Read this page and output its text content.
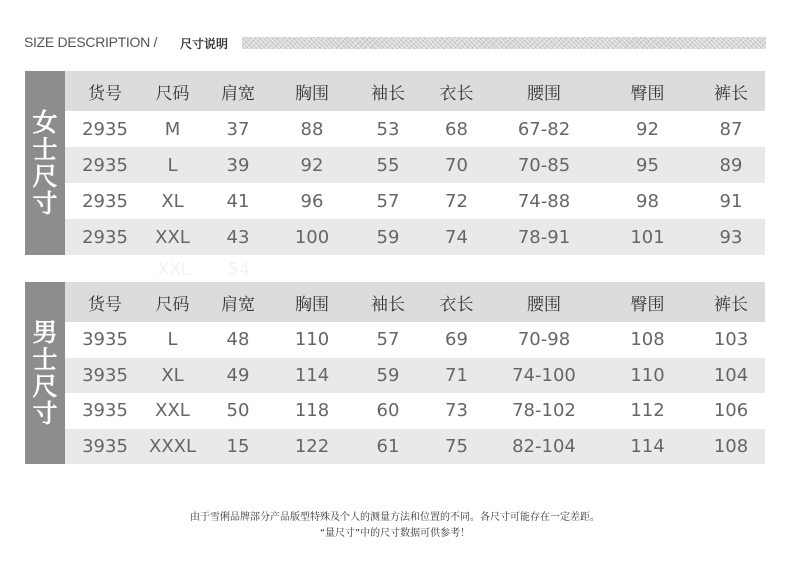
SIZE DESCRIPTION / 尺寸说明
女
士
尺
寸
货号	尺码	肩宽	胸围	袖长	衣长	腰围	臀围	裤长
2935	M	37	88	53	68	67-82	92	87
2935	L	39	92	55	70	70-85	95	89
2935	XL	41	96	57	72	74-88	98	91
2935	XXL	43	100	59	74	78-91	101	93
XXL	54
男
士
尺
寸
货号	尺码	肩宽	胸围	袖长	衣长	腰围	臀围	裤长
3935	L	48	110	57	69	70-98	108	103
3935	XL	49	114	59	71	74-100	110	104
3935	XXL	50	118	60	73	78-102	112	106
3935	XXXL	15	122	61	75	82-104	114	108
由于雪俐品牌部分产品版型特殊及个人的测量方法和位置的不同。各尺寸可能存在一定差距。
“量尺寸”中的尺寸数据可供参考！
